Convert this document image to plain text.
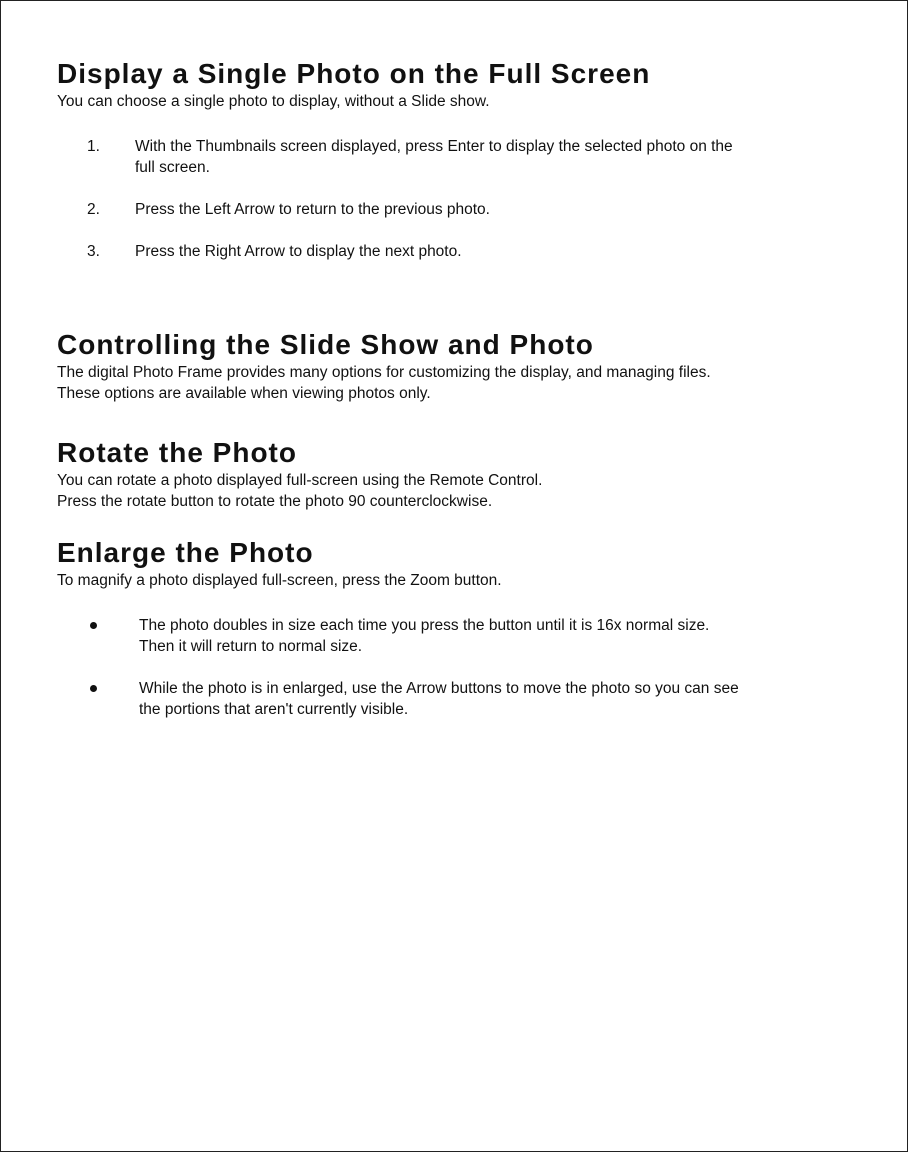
Display a Single Photo on the Full Screen

You can choose a single photo to display, without a Slide show.

1. With the Thumbnails screen displayed, press Enter to display the selected photo on the
full screen.
2. Press the Left Arrow to return to the previous photo.
3. Press the Right Arrow to display the next photo.
Controlling the Slide Show and Photo

The digital Photo Frame provides many options for customizing the display, and managing files.

These options are available when viewing photos only.

Rotate the Photo

You can rotate a photo displayed full-screen using the Remote Control.

Press the rotate button to rotate the photo 90 counterclockwise.

Enlarge the Photo

To magnify a photo displayed full-screen, press the Zoom button.

The photo doubles in size each time you press the button until it is 16x normal size.
Then it will return to normal size.
While the photo is in enlarged, use the Arrow buttons to move the photo so you can see
the portions that aren't currently visible.
